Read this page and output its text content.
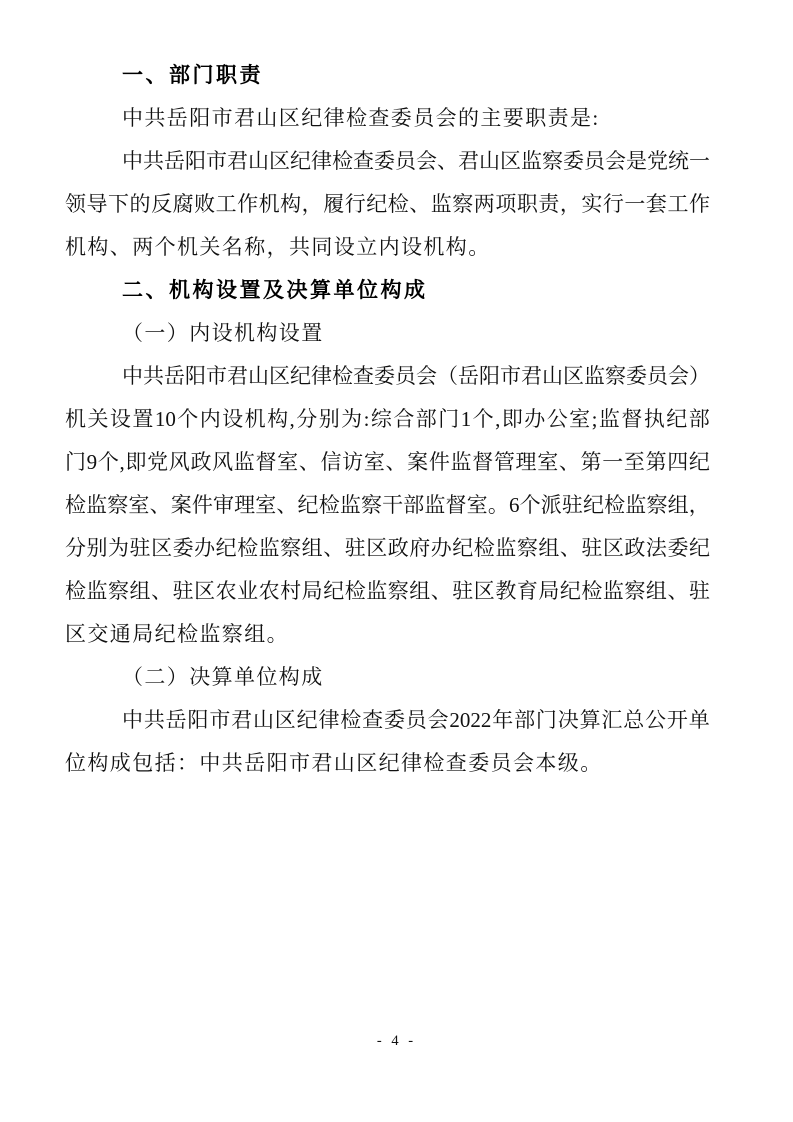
一、部门职责
中共岳阳市君山区纪律检查委员会的主要职责是:
中 共 岳 阳 市 君 山 区 纪 律 检 查 委 员 会 、 君 山 区 监 察 委 员 会 是 党 统 一
领 导 下 的 反 腐 败 工 作 机 构 ， 履 行 纪 检 、 监 察 两 项 职 责 ， 实 行 一 套 工 作
机构、两个机关名称，共同设立内设机构。
二、机构设置及决算单位构成
（一）内设机构设置
中 共 岳 阳 市 君 山 区 纪 律 检 查 委 员 会 （ 岳 阳 市 君 山 区 监 察 委 员 会 ）
机 关 设 置 10 个 内 设 机 构 , 分 别 为 : 综 合 部 门 1 个 , 即 办 公 室 ; 监 督 执 纪 部
门 9 个 , 即 党 风 政 风 监 督 室 、 信 访 室 、 案 件 监 督 管 理 室 、 第 一 至 第 四 纪
检 监 察 室 、 案 件 审 理 室 、 纪 检 监 察 干 部 监 督 室 。 6 个 派 驻 纪 检 监 察 组 ，
分 别 为 驻 区 委 办 纪 检 监 察 组 、 驻 区 政 府 办 纪 检 监 察 组 、 驻 区 政 法 委 纪
检 监 察 组 、 驻 区 农 业 农 村 局 纪 检 监 察 组 、 驻 区 教 育 局 纪 检 监 察 组 、 驻
区交通局纪检监察组。
（二）决算单位构成
中 共 岳 阳 市 君 山 区 纪 律 检 查 委 员 会 2022 年 部 门 决 算 汇 总 公 开 单
位构成包括：中共岳阳市君山区纪律检查委员会本级。
- 4 -
